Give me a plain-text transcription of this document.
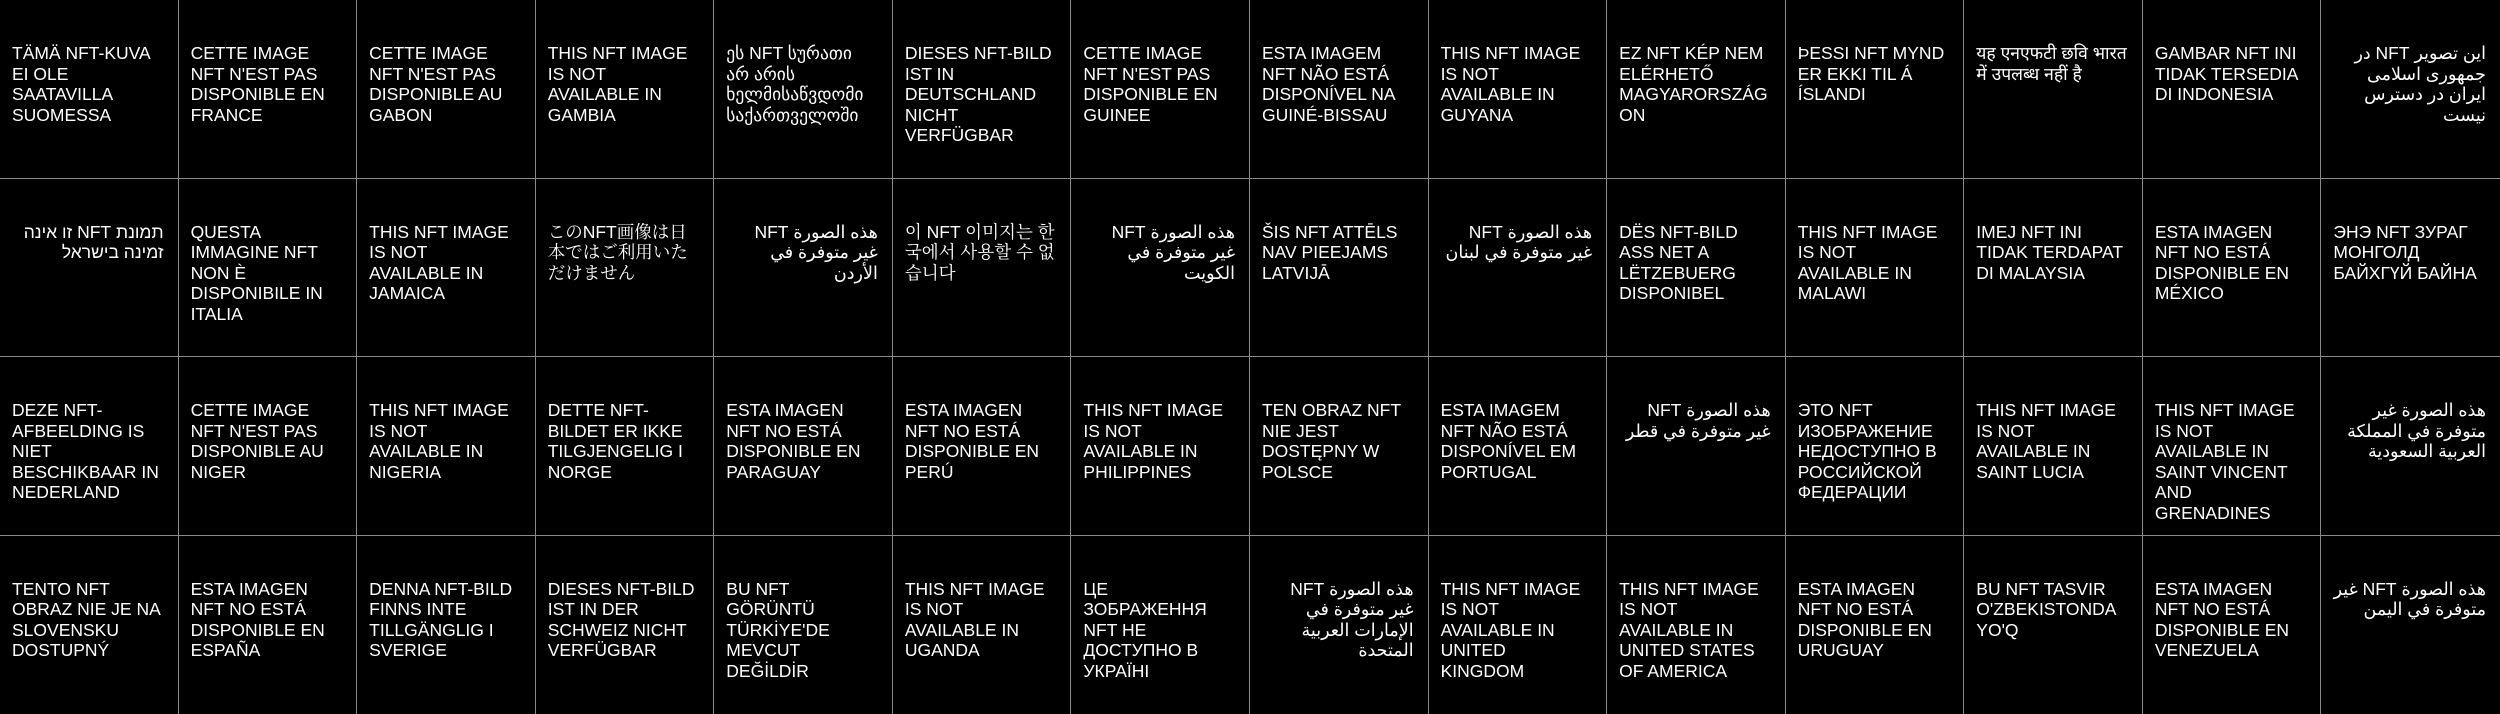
TÄMÄ NFT-KUVA EI OLE SAATAVILLA SUOMESSA
CETTE IMAGE NFT N'EST PAS DISPONIBLE EN FRANCE
CETTE IMAGE NFT N'EST PAS DISPONIBLE AU GABON
THIS NFT IMAGE IS NOT AVAILABLE IN GAMBIA
ეს NFT სურათი არ არის ხელმისაწვდომი საქართველოში
DIESES NFT-BILD IST IN DEUTSCHLAND NICHT VERFÜGBAR
CETTE IMAGE NFT N'EST PAS DISPONIBLE EN GUINEE
ESTA IMAGEM NFT NÃO ESTÁ DISPONÍVEL NA GUINÉ-BISSAU
THIS NFT IMAGE IS NOT AVAILABLE IN GUYANA
EZ NFT KÉP NEM ELÉRHETŐ MAGYARORSZÁGON
ÞESSI NFT MYND ER EKKI TIL Á ÍSLANDI
यह एनएफटी छवि भारत में उपलब्ध नहीं है
GAMBAR NFT INI TIDAK TERSEDIA DI INDONESIA
این تصویر NFT در جمهوری اسلامی ایران در دسترس نیست
תמונת NFT זו אינה זמינה בישראל
QUESTA IMMAGINE NFT NON È DISPONIBILE IN ITALIA
THIS NFT IMAGE IS NOT AVAILABLE IN JAMAICA
このNFT画像は日本ではご利用いただけません
هذه الصورة NFT غير متوفرة في الأردن
이 NFT 이미지는 한국에서 사용할 수 없습니다
هذه الصورة NFT غير متوفرة في الكويت
ŠIS NFT ATTĒLS NAV PIEEJAMS LATVIJĀ
هذه الصورة NFT غير متوفرة في لبنان
DËS NFT-BILD ASS NET A LËTZEBUERG DISPONIBEL
THIS NFT IMAGE IS NOT AVAILABLE IN MALAWI
IMEJ NFT INI TIDAK TERDAPAT DI MALAYSIA
ESTA IMAGEN NFT NO ESTÁ DISPONIBLE EN MÉXICO
ЭНЭ NFT ЗУРАГ МОНГОЛД БАЙХГҮЙ БАЙНА
DEZE NFT-AFBEELDING IS NIET BESCHIKBAAR IN NEDERLAND
CETTE IMAGE NFT N'EST PAS DISPONIBLE AU NIGER
THIS NFT IMAGE IS NOT AVAILABLE IN NIGERIA
DETTE NFT-BILDET ER IKKE TILGJENGELIG I NORGE
ESTA IMAGEN NFT NO ESTÁ DISPONIBLE EN PARAGUAY
ESTA IMAGEN NFT NO ESTÁ DISPONIBLE EN PERÚ
THIS NFT IMAGE IS NOT AVAILABLE IN PHILIPPINES
TEN OBRAZ NFT NIE JEST DOSTĘPNY W POLSCE
ESTA IMAGEM NFT NÃO ESTÁ DISPONÍVEL EM PORTUGAL
هذه الصورة NFT غير متوفرة في قطر
ЭТО NFT ИЗОБРАЖЕНИЕ НЕДОСТУПНО В РОССИЙСКОЙ ФЕДЕРАЦИИ
THIS NFT IMAGE IS NOT AVAILABLE IN SAINT LUCIA
THIS NFT IMAGE IS NOT AVAILABLE IN SAINT VINCENT AND GRENADINES
هذه الصورة غير متوفرة في المملكة العربية السعودية
TENTO NFT OBRAZ NIE JE NA SLOVENSKU DOSTUPNÝ
ESTA IMAGEN NFT NO ESTÁ DISPONIBLE EN ESPAÑA
DENNA NFT-BILD FINNS INTE TILLGÄNGLIG I SVERIGE
DIESES NFT-BILD IST IN DER SCHWEIZ NICHT VERFÜGBAR
BU NFT GÖRÜNTÜ TÜRKİYE'DE MEVCUT DEĞİLDİR
THIS NFT IMAGE IS NOT AVAILABLE IN UGANDA
ЦЕ ЗОБРАЖЕННЯ NFT НЕ ДОСТУПНО В УКРАЇНІ
هذه الصورة NFT غير متوفرة في الإمارات العربية المتحدة
THIS NFT IMAGE IS NOT AVAILABLE IN UNITED KINGDOM
THIS NFT IMAGE IS NOT AVAILABLE IN UNITED STATES OF AMERICA
ESTA IMAGEN NFT NO ESTÁ DISPONIBLE EN URUGUAY
BU NFT TASVIR O'ZBEKISTONDA YO'Q
ESTA IMAGEN NFT NO ESTÁ DISPONIBLE EN VENEZUELA
هذه الصورة NFT غير متوفرة في اليمن
